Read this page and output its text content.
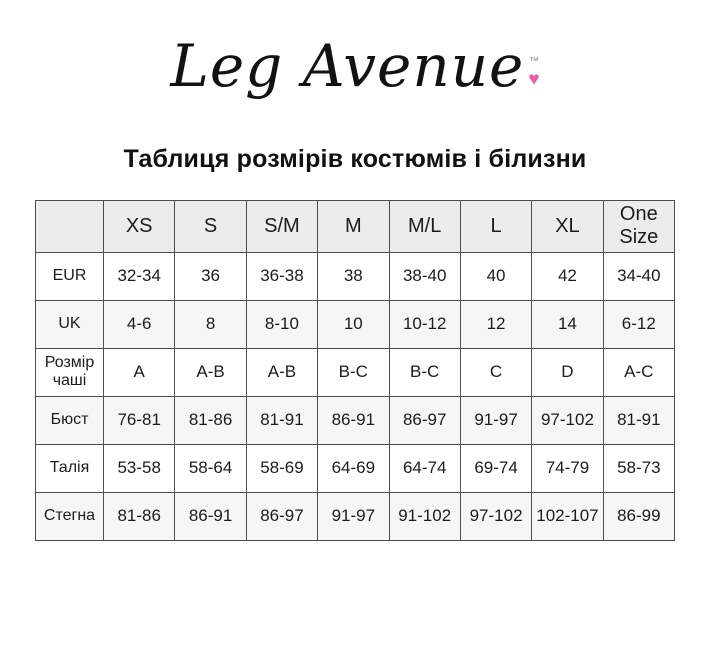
Leg Avenue ™
♥
Таблиця розмірів костюмів і білизни
	XS	S	S/M	M	M/L	L	XL	One Size
EUR	32-34	36	36-38	38	38-40	40	42	34-40
UK	4-6	8	8-10	10	10-12	12	14	6-12
Розмір чаші	A	A-B	A-B	B-C	B-C	C	D	A-C
Бюст	76-81	81-86	81-91	86-91	86-97	91-97	97-102	81-91
Талія	53-58	58-64	58-69	64-69	64-74	69-74	74-79	58-73
Стегна	81-86	86-91	86-97	91-97	91-102	97-102	102-107	86-99
